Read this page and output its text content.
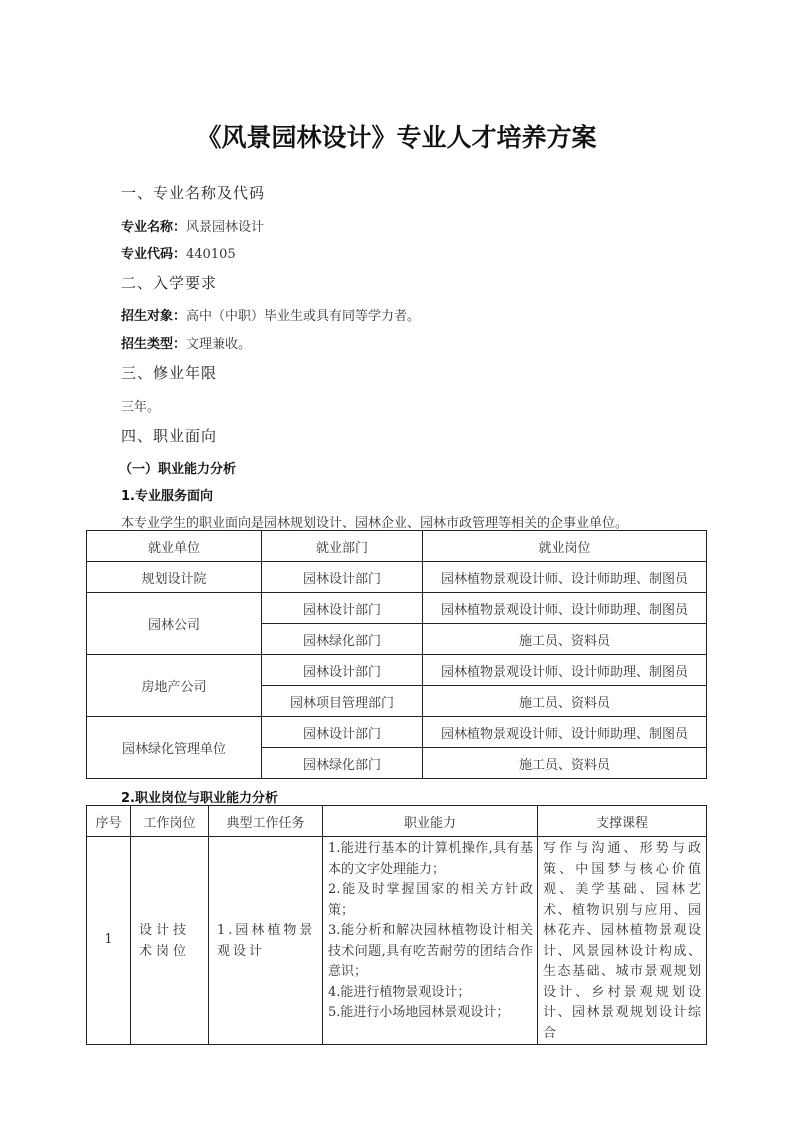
《风景园林设计》专业人才培养方案
一、专业名称及代码
专业名称：风景园林设计
专业代码：440105
二、入学要求
招生对象：高中（中职）毕业生或具有同等学力者。
招生类型：文理兼收。
三、修业年限
三年。
四、职业面向
（一）职业能力分析
1.专业服务面向
本专业学生的职业面向是园林规划设计、园林企业、园林市政管理等相关的企事业单位。
就业单位	就业部门	就业岗位
规划设计院	园林设计部门	园林植物景观设计师、设计师助理、制图员
园林公司	园林设计部门	园林植物景观设计师、设计师助理、制图员
	园林绿化部门	施工员、资料员
房地产公司	园林设计部门	园林植物景观设计师、设计师助理、制图员
	园林项目管理部门	施工员、资料员
园林绿化管理单位	园林设计部门	园林植物景观设计师、设计师助理、制图员
	园林绿化部门	施工员、资料员
2.职业岗位与职业能力分析
序号	工作岗位	典型工作任务	职业能力	支撑课程
1	设计技术岗位	1.园林植物景观设计	1.能进行基本的计算机操作,具有基本的文字处理能力；
2.能及时掌握国家的相关方针政策；
3.能分析和解决园林植物设计相关技术问题,具有吃苦耐劳的团结合作意识；
4.能进行植物景观设计；
5.能进行小场地园林景观设计；	写作与沟通、形势与政策、中国梦与核心价值观、美学基础、园林艺术、植物识别与应用、园林花卉、园林植物景观设计、风景园林设计构成、生态基础、城市景观规划设计、乡村景观规划设计、园林景观规划设计综合
